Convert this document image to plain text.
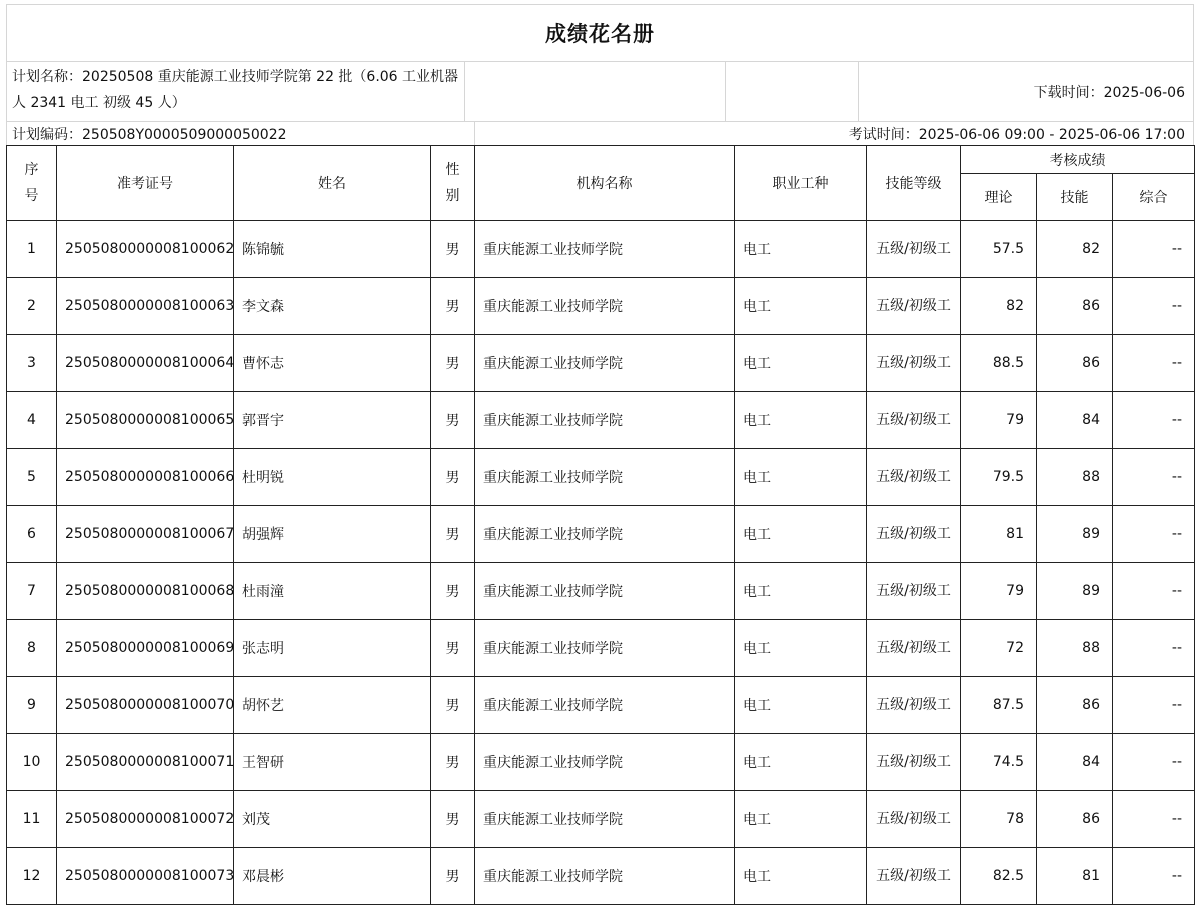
成绩花名册
计划名称：20250508 重庆能源工业技师学院第 22 批（6.06 工业机器人 2341 电工 初级 45 人）
下载时间：2025-06-06
计划编码：250508Y0000509000050022	考试时间：2025-06-06 09:00 - 2025-06-06 17:00
序号	准考证号	姓名	性别	机构名称	职业工种	技能等级	考核成绩		
							理论	技能	综合
1	2505080000008100062	陈锦毓	男	重庆能源工业技师学院	电工	五级/初级工	57.5	82	--
2	2505080000008100063	李文森	男	重庆能源工业技师学院	电工	五级/初级工	82	86	--
3	2505080000008100064	曹怀志	男	重庆能源工业技师学院	电工	五级/初级工	88.5	86	--
4	2505080000008100065	郭晋宇	男	重庆能源工业技师学院	电工	五级/初级工	79	84	--
5	2505080000008100066	杜明锐	男	重庆能源工业技师学院	电工	五级/初级工	79.5	88	--
6	2505080000008100067	胡强辉	男	重庆能源工业技师学院	电工	五级/初级工	81	89	--
7	2505080000008100068	杜雨潼	男	重庆能源工业技师学院	电工	五级/初级工	79	89	--
8	2505080000008100069	张志明	男	重庆能源工业技师学院	电工	五级/初级工	72	88	--
9	2505080000008100070	胡怀艺	男	重庆能源工业技师学院	电工	五级/初级工	87.5	86	--
10	2505080000008100071	王智研	男	重庆能源工业技师学院	电工	五级/初级工	74.5	84	--
11	2505080000008100072	刘茂	男	重庆能源工业技师学院	电工	五级/初级工	78	86	--
12	2505080000008100073	邓晨彬	男	重庆能源工业技师学院	电工	五级/初级工	82.5	81	--
